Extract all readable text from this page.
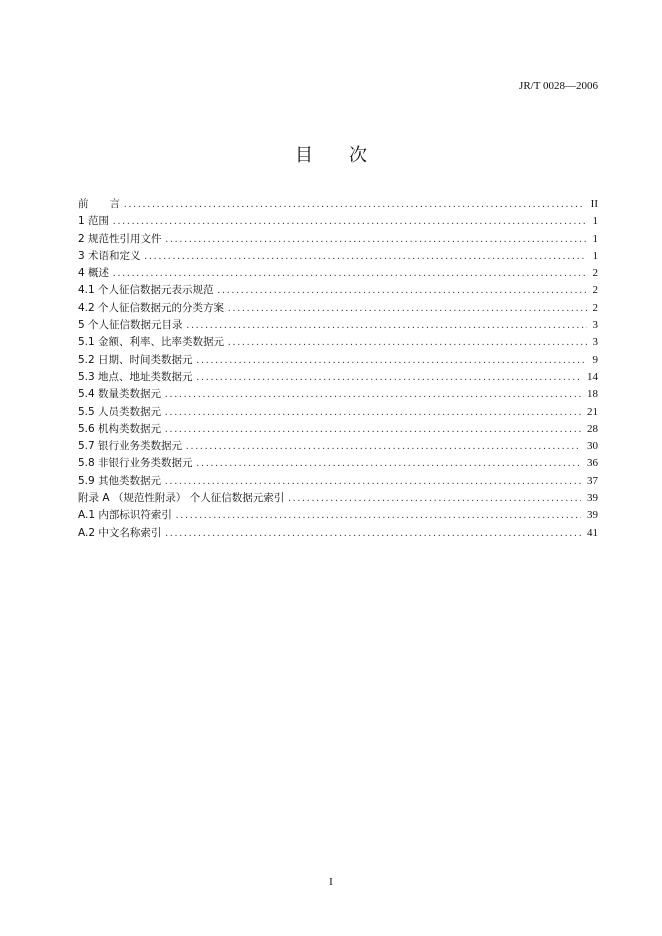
JR/T 0028—2006
目 次
前　　言 .....	II
1 范围 .....	1
2 规范性引用文件 .....	1
3 术语和定义 .....	1
4 概述 .....	2
4.1 个人征信数据元表示规范 .....	2
4.2 个人征信数据元的分类方案 .....	2
5 个人征信数据元目录 .....	3
5.1 金额、利率、比率类数据元 .....	3
5.2 日期、时间类数据元 .....	9
5.3 地点、地址类数据元 .....	14
5.4 数量类数据元 .....	18
5.5 人员类数据元 .....	21
5.6 机构类数据元 .....	28
5.7 银行业务类数据元 .....	30
5.8 非银行业务类数据元 .....	36
5.9 其他类数据元 .....	37
附录 A （规范性附录） 个人征信数据元索引 .....	39
A.1 内部标识符索引 .....	39
A.2 中文名称索引 .....	41
I
